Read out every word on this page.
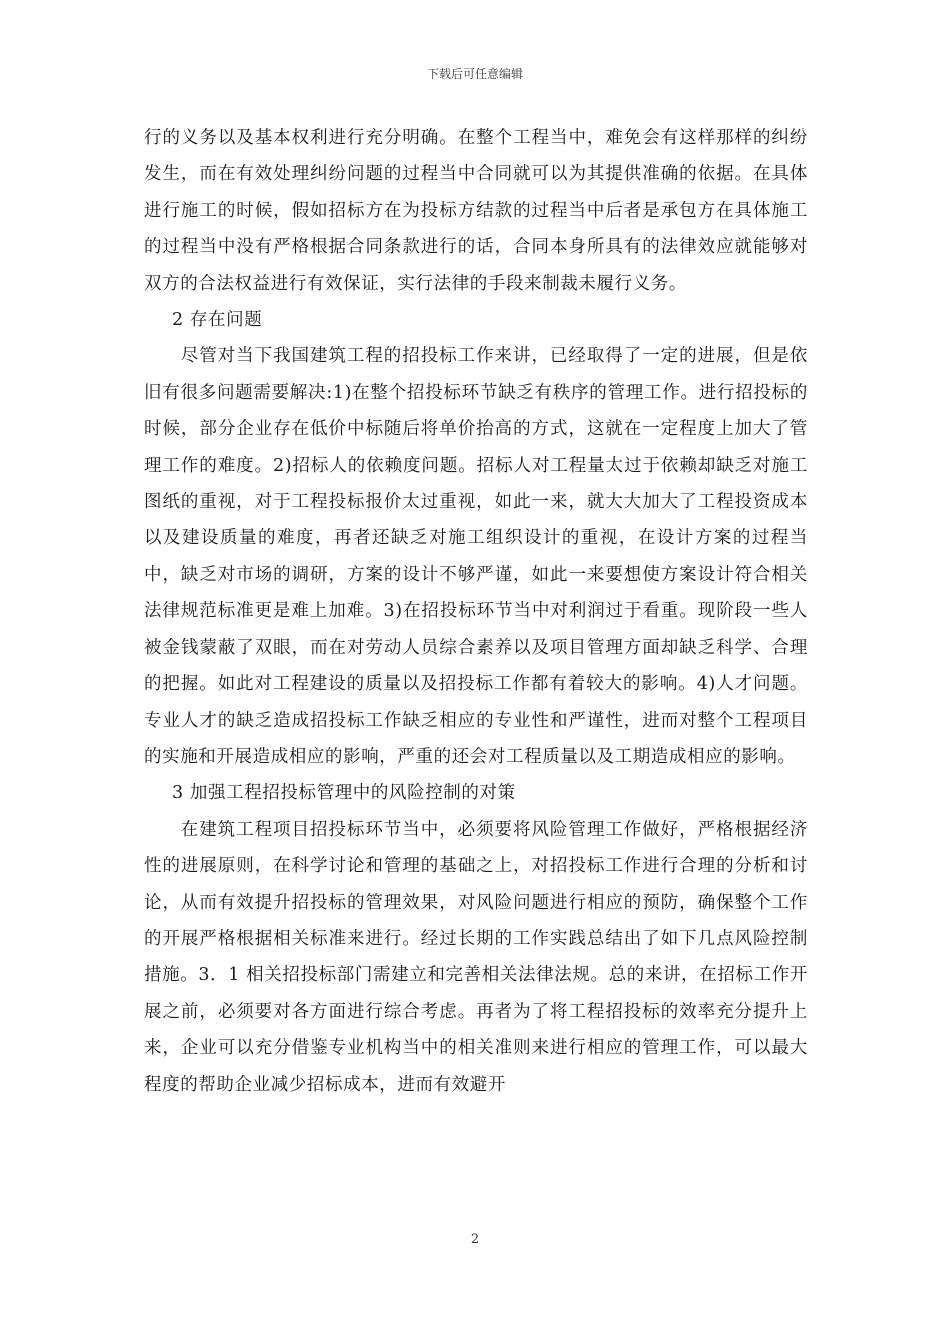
下载后可任意编辑

行的义务以及基本权利进行充分明确。在整个工程当中，难免会有这样那样的纠纷发生，而在有效处理纠纷问题的过程当中合同就可以为其提供准确的依据。在具体进行施工的时候，假如招标方在为投标方结款的过程当中后者是承包方在具体施工的过程当中没有严格根据合同条款进行的话，合同本身所具有的法律效应就能够对双方的合法权益进行有效保证，实行法律的手段来制裁未履行义务。

2 存在问题

尽管对当下我国建筑工程的招投标工作来讲，已经取得了一定的进展，但是依旧有很多问题需要解决:1)在整个招投标环节缺乏有秩序的管理工作。进行招投标的时候，部分企业存在低价中标随后将单价抬高的方式，这就在一定程度上加大了管理工作的难度。2)招标人的依赖度问题。招标人对工程量太过于依赖却缺乏对施工图纸的重视，对于工程投标报价太过重视，如此一来，就大大加大了工程投资成本以及建设质量的难度，再者还缺乏对施工组织设计的重视，在设计方案的过程当中，缺乏对市场的调研，方案的设计不够严谨，如此一来要想使方案设计符合相关法律规范标准更是难上加难。3)在招投标环节当中对利润过于看重。现阶段一些人被金钱蒙蔽了双眼，而在对劳动人员综合素养以及项目管理方面却缺乏科学、合理的把握。如此对工程建设的质量以及招投标工作都有着较大的影响。4)人才问题。专业人才的缺乏造成招投标工作缺乏相应的专业性和严谨性，进而对整个工程项目的实施和开展造成相应的影响，严重的还会对工程质量以及工期造成相应的影响。

3 加强工程招投标管理中的风险控制的对策

在建筑工程项目招投标环节当中，必须要将风险管理工作做好，严格根据经济性的进展原则，在科学讨论和管理的基础之上，对招投标工作进行合理的分析和讨论，从而有效提升招投标的管理效果，对风险问题进行相应的预防，确保整个工作的开展严格根据相关标准来进行。经过长期的工作实践总结出了如下几点风险控制措施。3．1 相关招投标部门需建立和完善相关法律法规。总的来讲，在招标工作开展之前，必须要对各方面进行综合考虑。再者为了将工程招投标的效率充分提升上来，企业可以充分借鉴专业机构当中的相关准则来进行相应的管理工作，可以最大程度的帮助企业减少招标成本，进而有效避开

2
